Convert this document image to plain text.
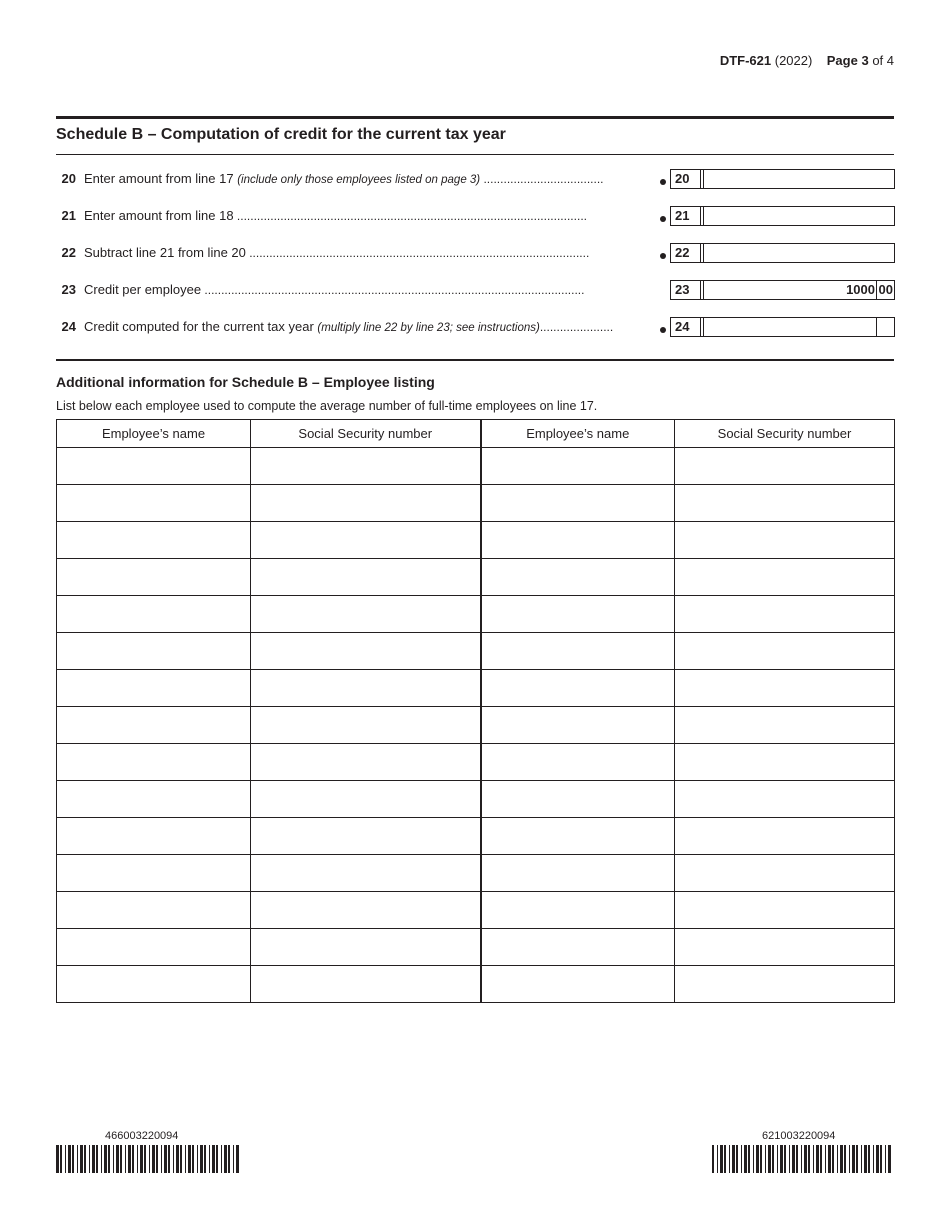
DTF-621 (2022) Page 3 of 4
Schedule B – Computation of credit for the current tax year
20 Enter amount from line 17 (include only those employees listed on page 3) ....................................	20
21 Enter amount from line 18 .........................................................................................................	21
22 Subtract line 21 from line 20 ......................................................................................................	22
23 Credit per employee ..................................................................................................................	23	1000 00
24 Credit computed for the current tax year (multiply line 22 by line 23; see instructions)......................	24
Additional information for Schedule B – Employee listing
List below each employee used to compute the average number of full-time employees on line 17.
Employee’s name	Social Security number	Employee’s name	Social Security number

466003220094	621003220094
